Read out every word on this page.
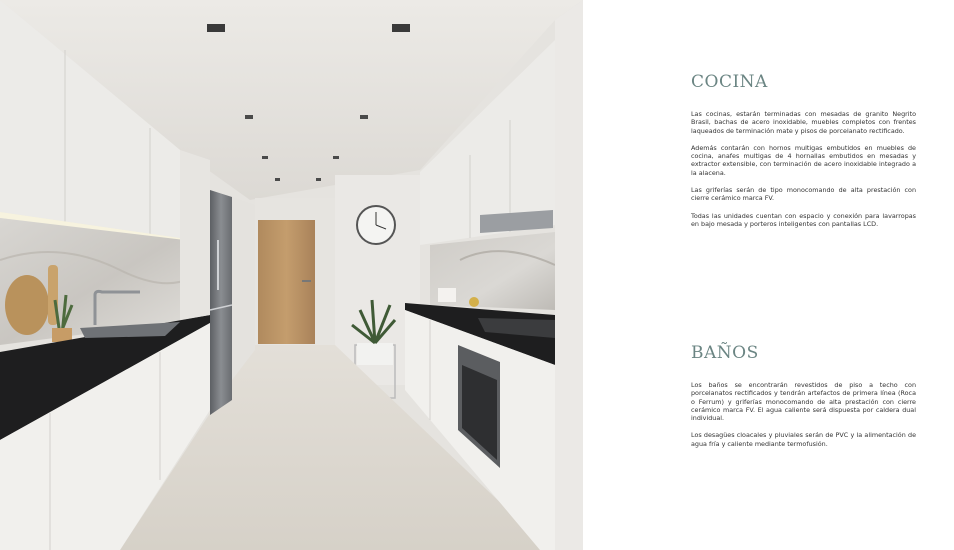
COCINA

Las cocinas, estarán terminadas con mesadas de granito Negrito Brasil, bachas de acero inoxidable, muebles completos con frentes laqueados de terminación mate y pisos de porcelanato rectificado.

Además contarán con hornos multigas embutidos en muebles de cocina, anafes multigas de 4 hornallas embutidos en mesadas y extractor extensible, con terminación de acero inoxidable integrado a la alacena.

Las griferías serán de tipo monocomando de alta prestación con cierre cerámico marca FV.

Todas las unidades cuentan con espacio y conexión para lavarropas en bajo mesada y porteros inteligentes con pantallas LCD.

BAÑOS

Los baños se encontrarán revestidos de piso a techo con porcelanatos rectificados y tendrán artefactos de primera línea (Roca o Ferrum) y griferías monocomando de alta prestación con cierre cerámico marca FV. El agua caliente será dispuesta por caldera dual individual.

Los desagües cloacales y pluviales serán de PVC y la alimentación de agua fría y caliente mediante termofusión.
